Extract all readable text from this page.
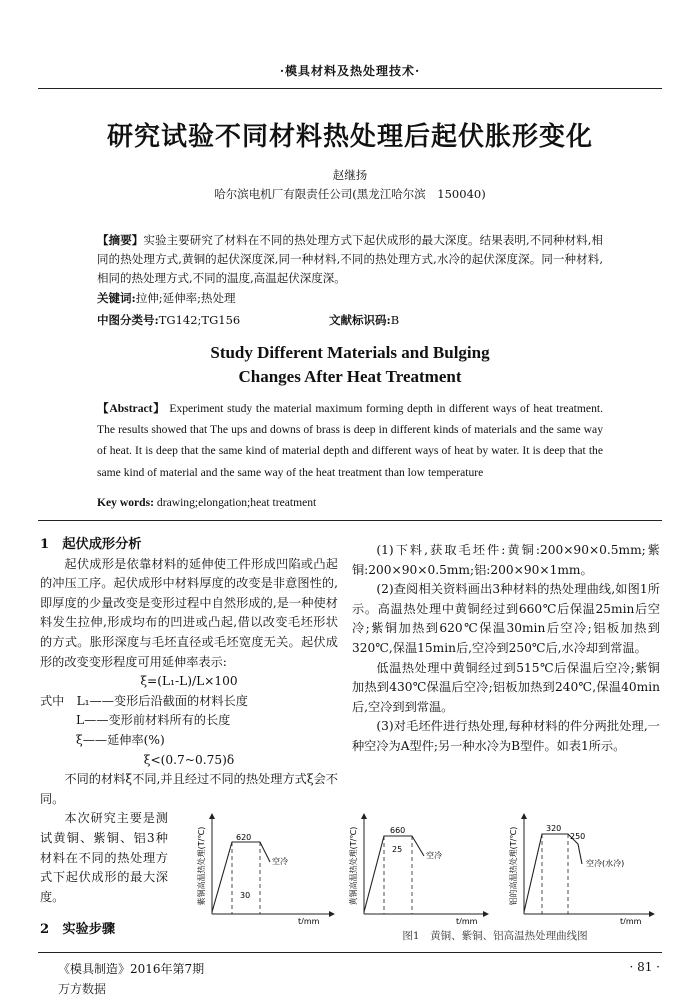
·模具材料及热处理技术·
研究试验不同材料热处理后起伏胀形变化
赵继扬
哈尔滨电机厂有限责任公司(黑龙江哈尔滨　150040)
【摘要】实验主要研究了材料在不同的热处理方式下起伏成形的最大深度。结果表明,不同种材料,相同的热处理方式,黄铜的起伏深度深,同一种材料,不同的热处理方式,水冷的起伏深度深。同一种材料,相同的热处理方式,不同的温度,高温起伏深度深。
关键词:拉伸;延伸率;热处理
中图分类号:TG142;TG156	文献标识码:B
Study Different Materials and Bulging
Changes After Heat Treatment
【Abstract】 Experiment study the material maximum forming depth in different ways of heat treatment. The results showed that The ups and downs of brass is deep in different kinds of materials and the same way of heat. It is deep that the same kind of material depth and different ways of heat by water. It is deep that the same kind of material and the same way of the heat treatment than low temperature
Key words: drawing;elongation;heat treatment
1　 起伏成形分析

起伏成形是依靠材料的延伸使工件形成凹陷或凸起的冲压工序。起伏成形中材料厚度的改变是非意图性的,即厚度的少量改变是变形过程中自然形成的,是一种使材料发生拉伸,形成均布的凹进或凸起,借以改变毛坯形状的方式。胀形深度与毛坯直径或毛坯宽度无关。起伏成形的改变变形程度可用延伸率表示:

ξ=(L₁-L)/L×100

式中　 L₁——变形后沿截面的材料长度

L——变形前材料所有的长度

ξ——延伸率(%)

ξ<(0.7~0.75)δ

不同的材料ξ不同,并且经过不同的热处理方式ξ会不同。

本次研究主要是测试黄铜、紫铜、铝3种材料在不同的热处理方式下起伏成形的最大深度。

2　 实验步骤

(1)下料,获取毛坯件:黄铜:200×90×0.5mm;紫铜:200×90×0.5mm;铝:200×90×1mm。

(2)查阅相关资料画出3种材料的热处理曲线,如图1所示。高温热处理中黄铜经过到660℃后保温25min后空冷;紫铜加热到620℃保温30min后空冷;铝板加热到320℃,保温15min后,空冷到250℃后,水冷却到常温。

低温热处理中黄铜经过到515℃后保温后空冷;紫铜加热到430℃保温后空冷;铝板加热到240℃,保温40min后,空冷到到常温。

(3)对毛坯件进行热处理,每种材料的件分两批处理,一种空冷为A型件;另一种水冷为B型件。如表1所示。

紫铜高温热处理(T/℃)	620
30
空冷
t/mm
黄铜高温热处理(T/℃)	660
25
空冷
t/mm
铝的高温热处理(T/℃)	320
250
空冷(水冷)
t/mm
图1　黄铜、紫铜、铝高温热处理曲线图
《模具制造》2016年第7期	· 81 ·
万方数据
